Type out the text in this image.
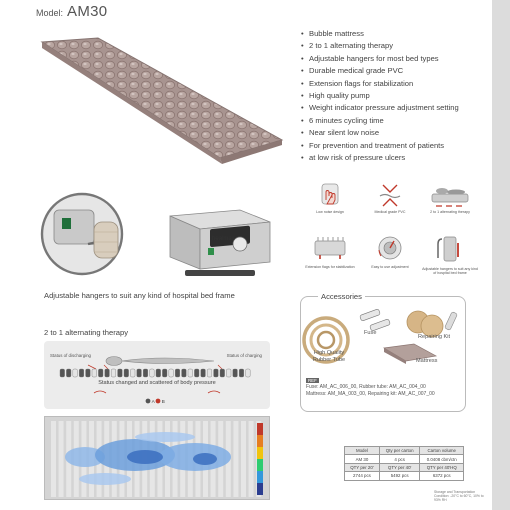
Model: AM30
• Bubble mattress
• 2 to 1 alternating therapy
• Adjustable hangers for most bed types
• Durable medical grade PVC
• Extension flags for stabilization
• High quality pump
• Weight indicator pressure adjustment setting
• 6 minutes cycling time
• Near silent low noise
• For prevention and treatment of patients
• at low risk of pressure ulcers
Low noise design	Medical grade PVC	2 to 1 alternating therapy
Extension flags for stabilization	Easy to use adjustment	Adjustable hangers to suit any kind of hospital bed frame
healmax
Adjustable hangers to suit any kind of hospital bed frame
2 to 1 alternating therapy
Status of discharging	Status of charging
A B
Status changed and scattered of body pressure
Accessories
Fuse
Repairing Kit
High Quality Rubber Tube	Mattress
REF
Fuse: AM_AC_006_00, Rubber tube: AM_AC_004_00
Mattress: AM_MA_003_00, Repairing kit: AM_AC_007_00
Model	Qty per carton	Carton volume
AM 30	4 pcs	0.0408 cbm/ctn
QTY per 20'	QTY per 40'	QTY per 40'HQ
2744 pcs	5492 pcs	6372 pcs
Storage and Transportation Condition: -20°C to 60°C, 10% to 93% RH
